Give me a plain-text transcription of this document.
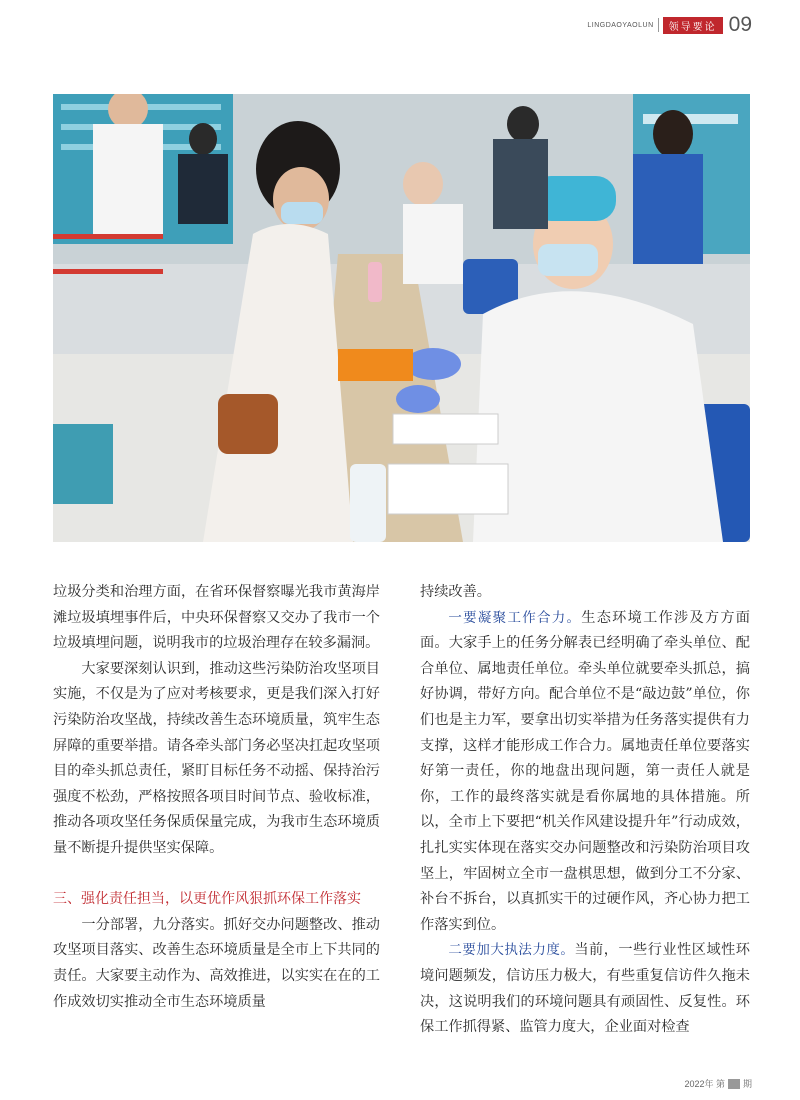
LINGDAOYAOLUN	领导要论 09

垃圾分类和治理方面，在省环保督察曝光我市黄海岸滩垃圾填埋事件后，中央环保督察又交办了我市一个垃圾填埋问题，说明我市的垃圾治理存在较多漏洞。

大家要深刻认识到，推动这些污染防治攻坚项目实施，不仅是为了应对考核要求，更是我们深入打好污染防治攻坚战，持续改善生态环境质量，筑牢生态屏障的重要举措。请各牵头部门务必坚决扛起攻坚项目的牵头抓总责任，紧盯目标任务不动摇、保持治污强度不松劲，严格按照各项目时间节点、验收标准，推动各项攻坚任务保质保量完成，为我市生态环境质量不断提升提供坚实保障。

三、强化责任担当，以更优作风狠抓环保工作落实

一分部署，九分落实。抓好交办问题整改、推动攻坚项目落实、改善生态环境质量是全市上下共同的责任。大家要主动作为、高效推进，以实实在在的工作成效切实推动全市生态环境质量

持续改善。

一要凝聚工作合力。生态环境工作涉及方方面面。大家手上的任务分解表已经明确了牵头单位、配合单位、属地责任单位。牵头单位就要牵头抓总，搞好协调，带好方向。配合单位不是“敲边鼓”单位，你们也是主力军，要拿出切实举措为任务落实提供有力支撑，这样才能形成工作合力。属地责任单位要落实好第一责任，你的地盘出现问题，第一责任人就是你，工作的最终落实就是看你属地的具体措施。所以，全市上下要把“机关作风建设提升年”行动成效，扎扎实实体现在落实交办问题整改和污染防治项目攻坚上，牢固树立全市一盘棋思想，做到分工不分家、补台不拆台，以真抓实干的过硬作风，齐心协力把工作落实到位。

二要加大执法力度。当前，一些行业性区域性环境问题频发，信访压力极大，有些重复信访件久拖未决，这说明我们的环境问题具有顽固性、反复性。环保工作抓得紧、监管力度大，企业面对检查

2022年 第 期
